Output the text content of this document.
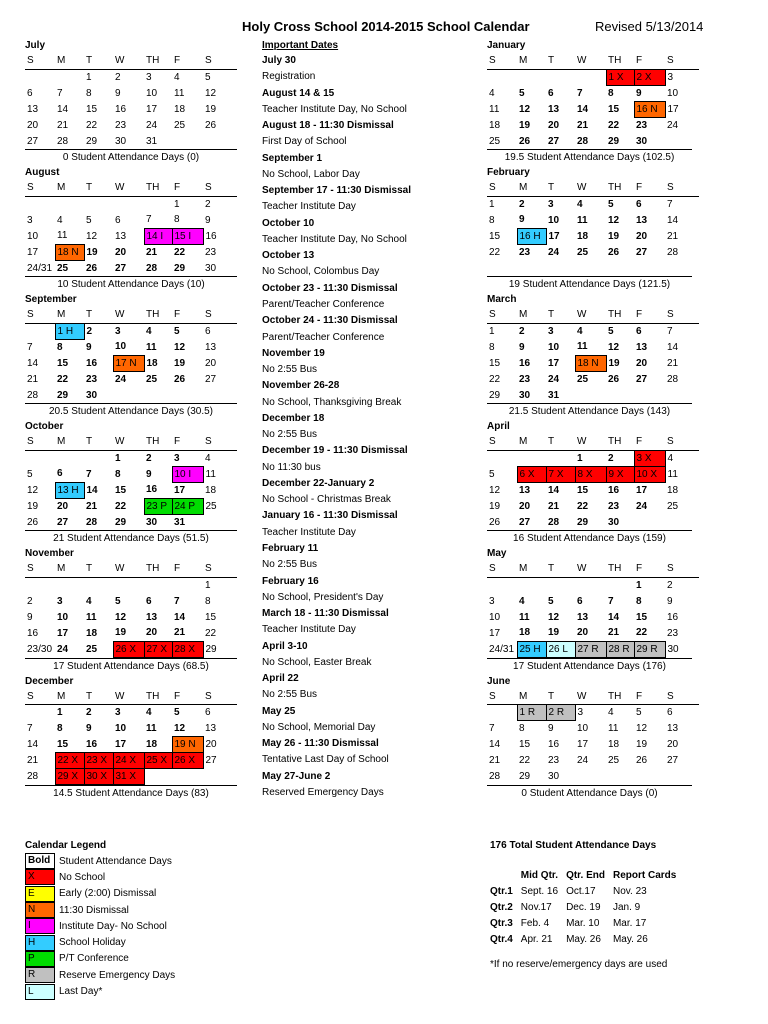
Holy Cross School 2014-2015 School Calendar	Revised 5/13/2014
July
S	M	T	W	TH	F	S
		1	2	3	4	5
6	7	8	9	10	11	12
13	14	15	16	17	18	19
20	21	22	23	24	25	26
27	28	29	30	31		
0 Student Attendance Days (0)
August
S	M	T	W	TH	F	S
					1	2
3	4	5	6	7	8	9
10	11	12	13	14 I	15 I	16
17	18 N	19	20	21	22	23
24/31	25	26	27	28	29	30
10 Student Attendance Days (10)
September
S	M	T	W	TH	F	S
	1 H	2	3	4	5	6
7	8	9	10	11	12	13
14	15	16	17 N	18	19	20
21	22	23	24	25	26	27
28	29	30				
20.5 Student Attendance Days (30.5)
October
S	M	T	W	TH	F	S
			1	2	3	4
5	6	7	8	9	10 I	11
12	13 H	14	15	16	17	18
19	20	21	22	23 P	24 P	25
26	27	28	29	30	31	
21 Student Attendance Days (51.5)
November
S	M	T	W	TH	F	S
						1
2	3	4	5	6	7	8
9	10	11	12	13	14	15
16	17	18	19	20	21	22
23/30	24	25	26 X	27 X	28 X	29
17 Student Attendance Days (68.5)
December
S	M	T	W	TH	F	S
	1	2	3	4	5	6
7	8	9	10	11	12	13
14	15	16	17	18	19 N	20
21	22 X	23 X	24 X	25 X	26 X	27
28	29 X	30 X	31 X			
14.5 Student Attendance Days (83)
Important Dates
July 30
Registration
August 14 & 15
Teacher Institute Day, No School
August 18 - 11:30 Dismissal
First Day of School
September 1
No School, Labor Day
September 17 - 11:30 Dismissal
Teacher Institute Day
October 10
Teacher Institute Day, No School
October 13
No School, Colombus Day
October 23 - 11:30 Dismissal
Parent/Teacher Conference
October 24 - 11:30 Dismissal
Parent/Teacher Conference
November 19
No 2:55 Bus
November 26-28
No School, Thanksgiving Break
December 18
No 2:55 Bus
December 19 - 11:30 Dismissal
No 11:30 bus
December 22-January 2
No School - Christmas Break
January 16 - 11:30 Dismissal
Teacher Institute Day
February 11
No 2:55 Bus
February 16
No School, President's Day
March 18 - 11:30 Dismissal
Teacher Institute Day
April 3-10
No School, Easter Break
April 22
No 2:55 Bus
May 25
No School, Memorial Day
May 26 - 11:30 Dismissal
Tentative Last Day of School
May 27-June 2
Reserved Emergency Days
January
S	M	T	W	TH	F	S
				1 X	2 X	3
4	5	6	7	8	9	10
11	12	13	14	15	16 N	17
18	19	20	21	22	23	24
25	26	27	28	29	30	
19.5 Student Attendance Days (102.5)
February
S	M	T	W	TH	F	S
1	2	3	4	5	6	7
8	9	10	11	12	13	14
15	16 H	17	18	19	20	21
22	23	24	25	26	27	28

19 Student Attendance Days (121.5)
March
S	M	T	W	TH	F	S
1	2	3	4	5	6	7
8	9	10	11	12	13	14
15	16	17	18 N	19	20	21
22	23	24	25	26	27	28
29	30	31				
21.5 Student Attendance Days (143)
April
S	M	T	W	TH	F	S
			1	2	3 X	4
5	6 X	7 X	8 X	9 X	10 X	11
12	13	14	15	16	17	18
19	20	21	22	23	24	25
26	27	28	29	30		
16 Student Attendance Days (159)
May
S	M	T	W	TH	F	S
					1	2
3	4	5	6	7	8	9
10	11	12	13	14	15	16
17	18	19	20	21	22	23
24/31	25 H	26 L	27 R	28 R	29 R	30
17 Student Attendance Days (176)
June
S	M	T	W	TH	F	S
	1 R	2 R	3	4	5	6
7	8	9	10	11	12	13
14	15	16	17	18	19	20
21	22	23	24	25	26	27
28	29	30				
0 Student Attendance Days (0)
Calendar Legend
Bold Student Attendance Days
X	No School
E	Early (2:00) Dismissal
N	11:30 Dismissal
I	Institute Day- No School
H	School Holiday
P	P/T Conference
R	Reserve Emergency Days
L	Last Day*
176 Total Student Attendance Days
	Mid Qtr.	Qtr. End	Report Cards
Qtr.1	Sept. 16	Oct.17	Nov. 23
Qtr.2	Nov.17	Dec. 19	Jan. 9
Qtr.3	Feb. 4	Mar. 10	Mar. 17
Qtr.4	Apr. 21	May. 26	May. 26
*If no reserve/emergency days are used
